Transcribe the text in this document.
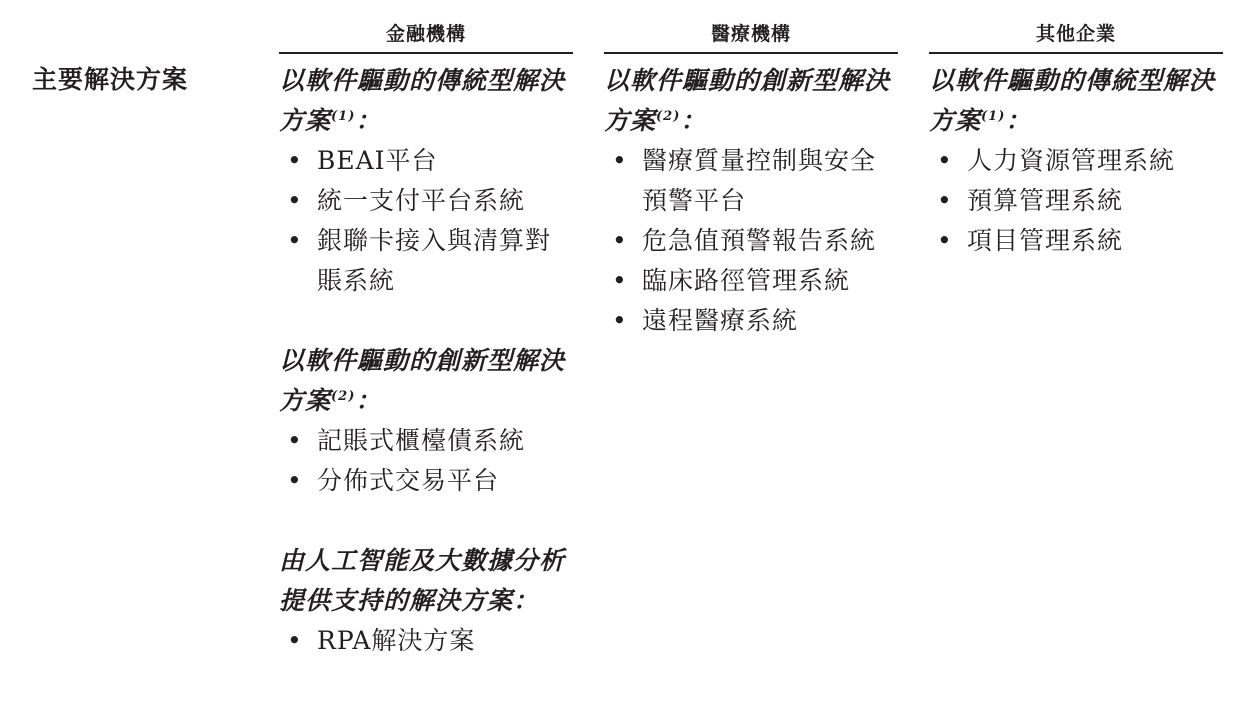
主要解決方案
金融機構
以軟件驅動的傳統型解決方案$^{(1)}$：
• BEAI平台
• 統一支付平台系統
• 銀聯卡接入與清算對賬系統
以軟件驅動的創新型解決方案$^{(2)}$：
• 記賬式櫃檯債系統
• 分佈式交易平台
由人工智能及大數據分析提供支持的解決方案：
• RPA解決方案
醫療機構
以軟件驅動的創新型解決方案$^{(2)}$：
• 醫療質量控制與安全預警平台
• 危急值預警報告系統
• 臨床路徑管理系統
• 遠程醫療系統
其他企業
以軟件驅動的傳統型解決方案$^{(1)}$：
• 人力資源管理系統
• 預算管理系統
• 項目管理系統
